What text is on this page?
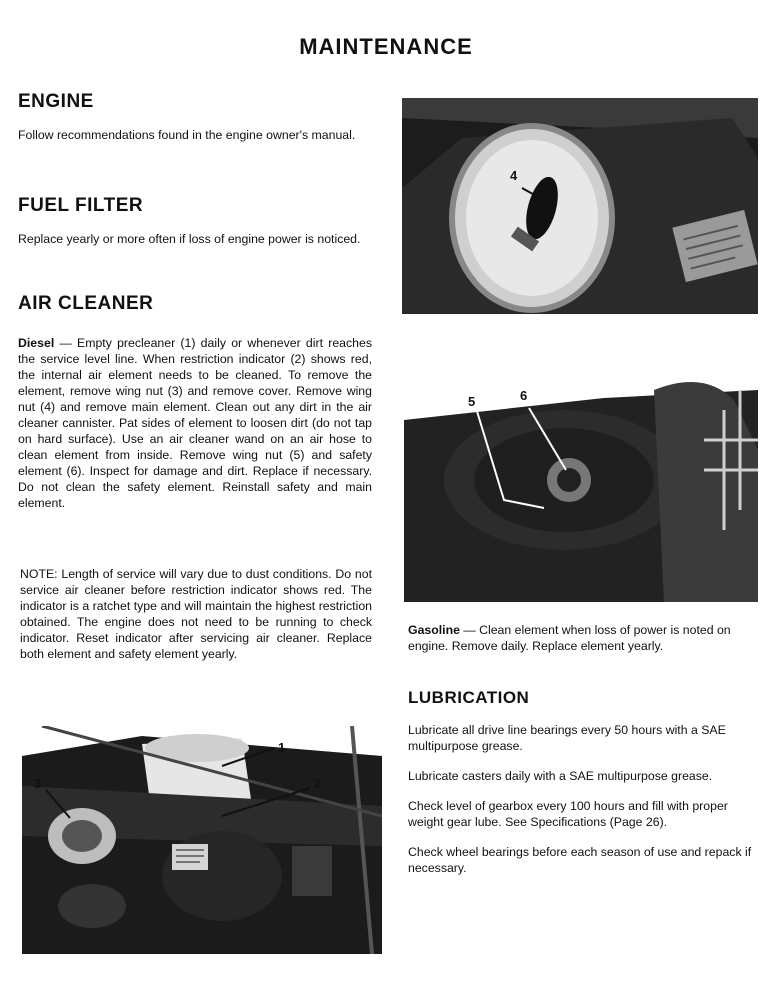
MAINTENANCE
ENGINE

Follow recommendations found in the engine owner's manual.

FUEL FILTER

Replace yearly or more often if loss of engine power is noticed.

AIR CLEANER

Diesel — Empty precleaner (1) daily or whenever dirt reaches the service level line. When restriction indicator (2) shows red, the internal air element needs to be cleaned. To remove the element, remove wing nut (3) and remove cover. Remove wing nut (4) and remove main element. Clean out any dirt in the air cleaner cannister. Pat sides of element to loosen dirt (do not tap on hard surface). Use an air cleaner wand on an air hose to clean element from inside. Remove wing nut (5) and safety element (6). Inspect for damage and dirt. Replace if necessary. Do not clean the safety element. Reinstall safety and main element.

NOTE: Length of service will vary due to dust conditions. Do not service air cleaner before restriction indicator shows red. The indicator is a ratchet type and will maintain the highest restriction obtained. The engine does not need to be running to check indicator. Reset indicator after servicing air cleaner. Replace both element and safety element yearly.

4
5	6

Gasoline — Clean element when loss of power is noted on engine. Remove daily. Replace element yearly.

LUBRICATION

Lubricate all drive line bearings every 50 hours with a SAE multipurpose grease.

Lubricate casters daily with a SAE multipurpose grease.

Check level of gearbox every 100 hours and fill with proper weight gear lube. See Specifications (Page 26).

Check wheel bearings before each season of use and repack if necessary.

1
2
3
